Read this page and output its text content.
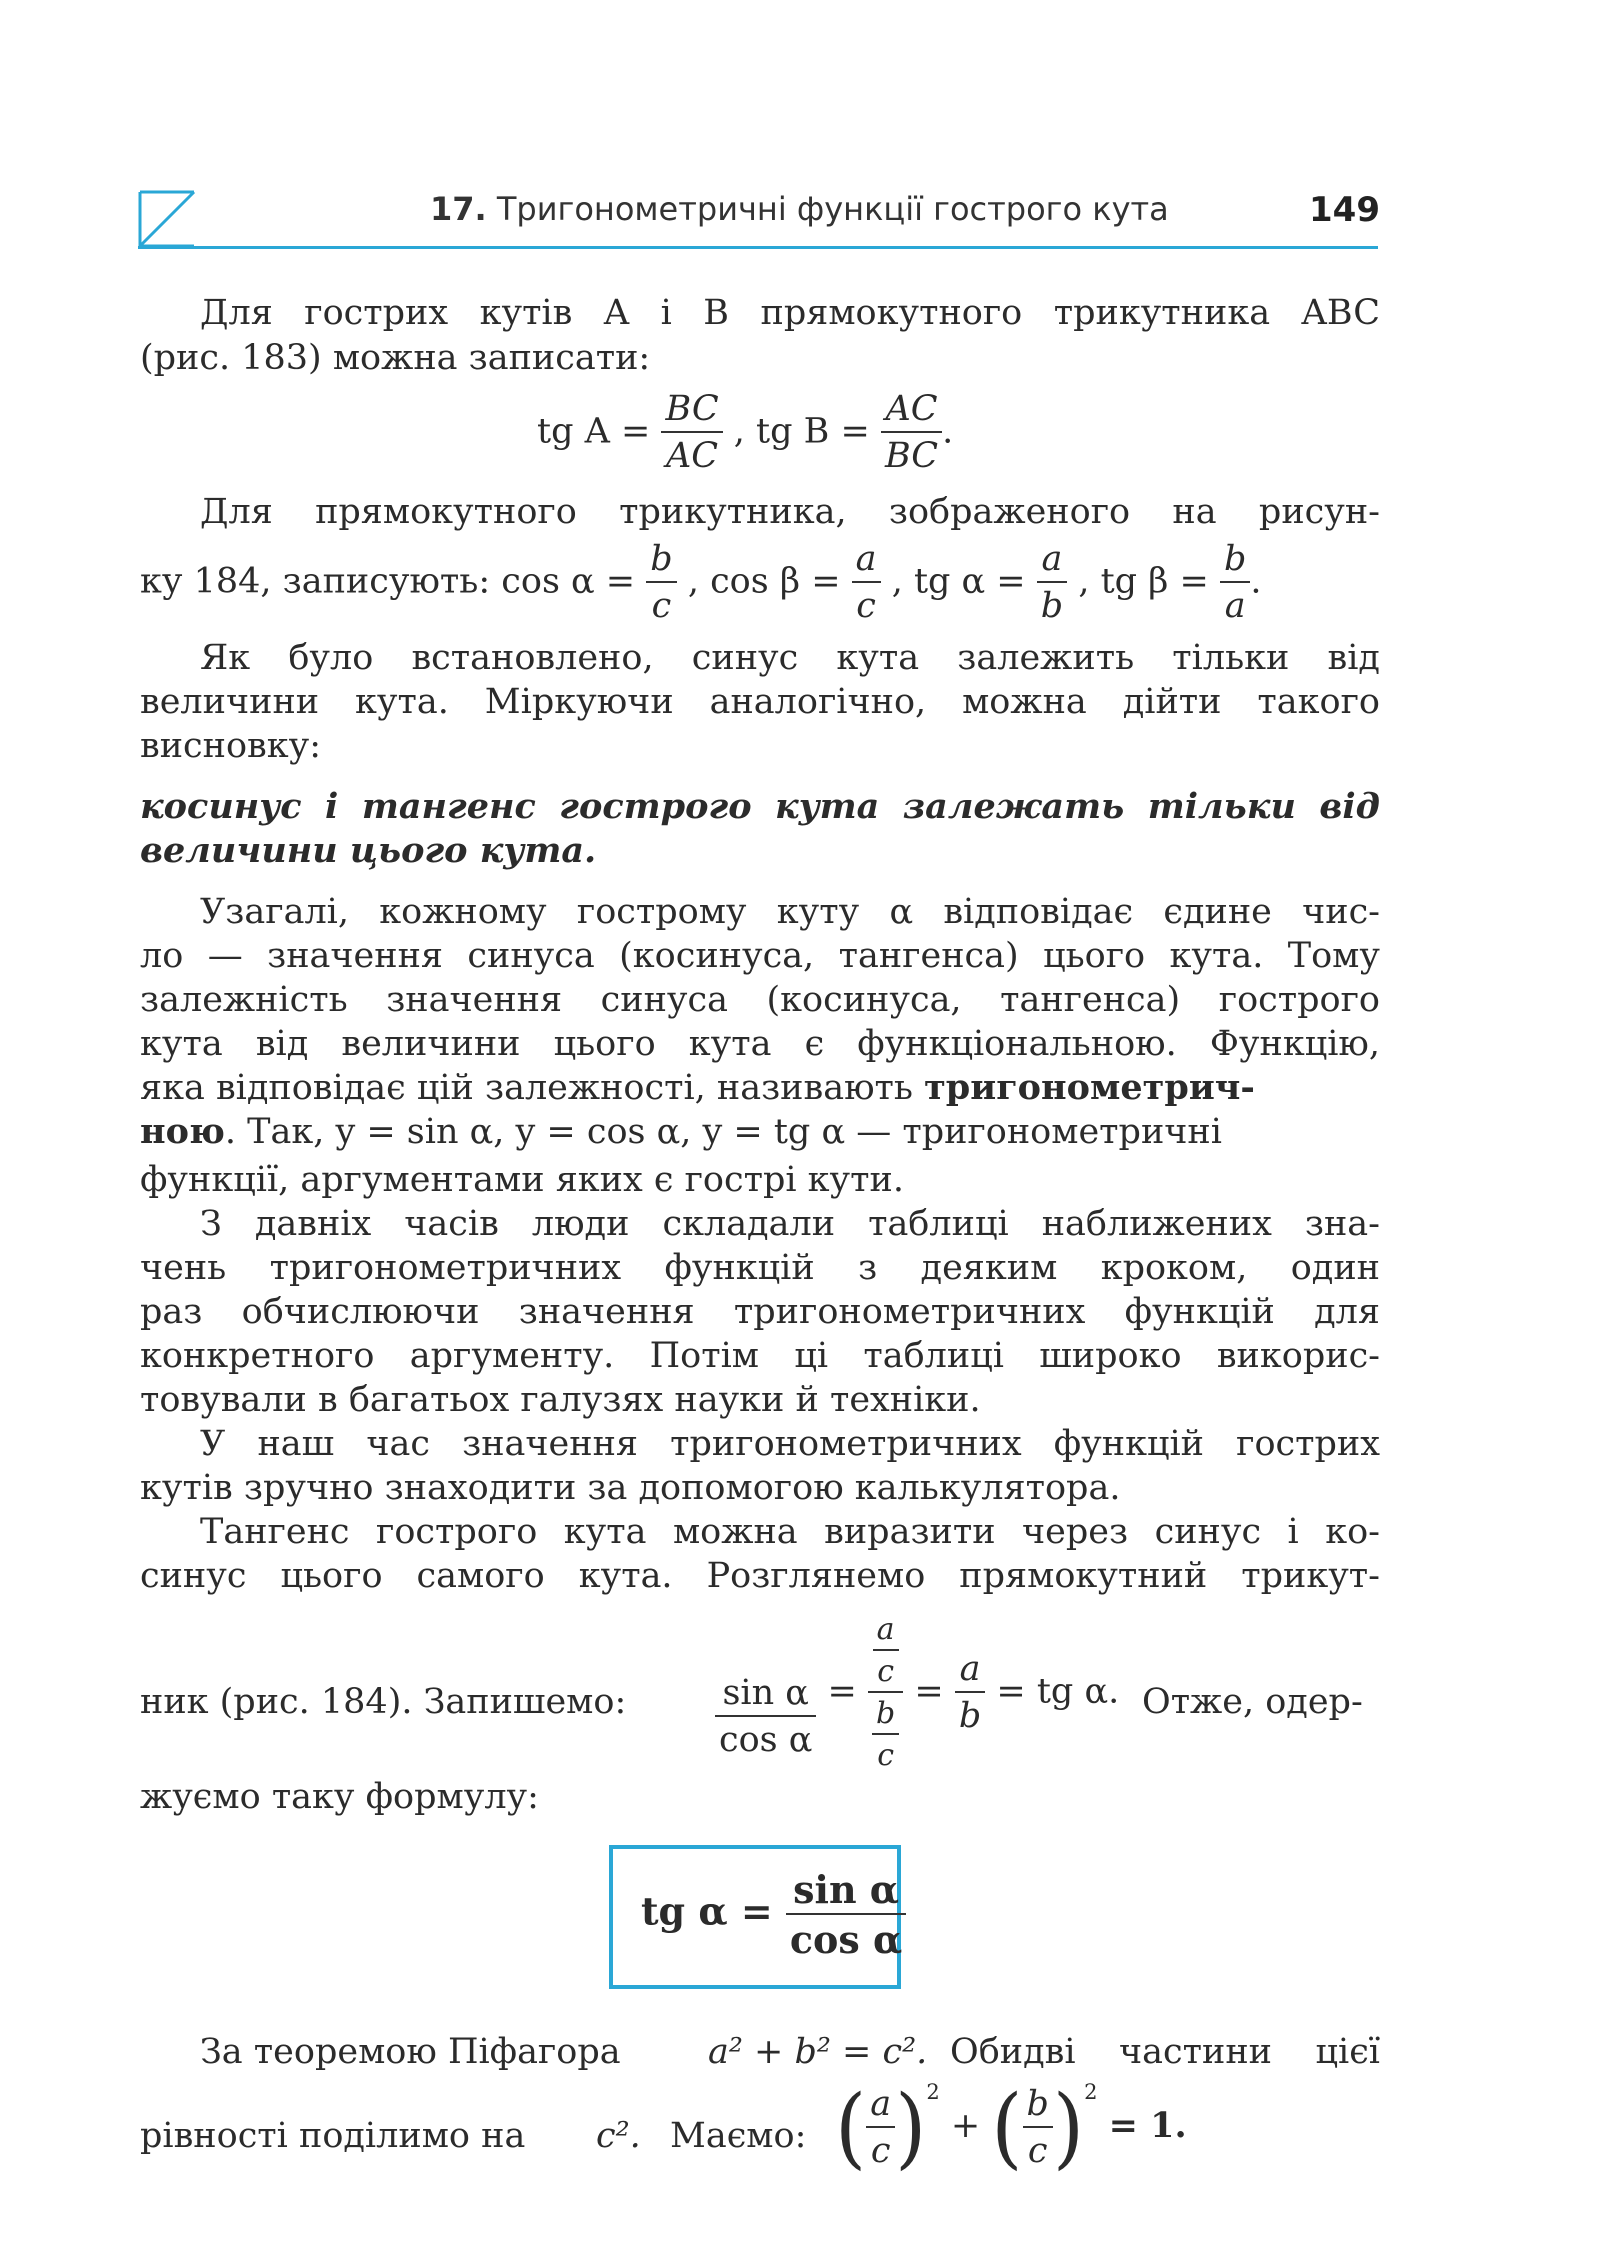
17. Тригонометричні функції гострого кута	149
Для гострих кутів A і B прямокутного трикутника ABC
(рис. 183) можна записати:
tg $A = \frac{BC}{AC}$ , tg $B = \frac{AC}{BC}$ .
Для прямокутного трикутника, зображеного на рисун-
ку 184, записують: $\cos \alpha = \frac{b}{c}$ , $\cos \beta = \frac{a}{c}$ , tg $\alpha = \frac{a}{b}$ , tg $\beta = \frac{b}{a}$ .
Як було встановлено, синус кута залежить тільки від
величини кута. Міркуючи аналогічно, можна дійти такого
висновку:
косинус і тангенс гострого кута залежать тільки від
величини цього кута.
Узагалі, кожному гострому куту α відповідає єдине чис-
ло — значення синуса (косинуса, тангенса) цього кута. Тому
залежність значення синуса (косинуса, тангенса) гострого
кута від величини цього кута є функціональною. Функцію,
яка відповідає цій залежності, називають тригонометрич-
ною. Так, y = sin α, y = cos α, y = tg α — тригонометричні
функції, аргументами яких є гострі кути.
З давніх часів люди складали таблиці наближених зна-
чень тригонометричних функцій з деяким кроком, один
раз обчислюючи значення тригонометричних функцій для
конкретного аргументу. Потім ці таблиці широко викорис-
товували в багатьох галузях науки й техніки.
У наш час значення тригонометричних функцій гострих
кутів зручно знаходити за допомогою калькулятора.
Тангенс гострого кута можна виразити через синус і ко-
синус цього самого кута. Розглянемо прямокутний трикут-
ник (рис. 184). Запишемо:	$\frac{\text{sin α}}{\text{cos α}} = \frac{\frac{a}{c}}{\frac{b}{c}} = \frac{a}{b}$ = tg α. Отже, одер-
жуємо таку формулу:
tg $\alpha = \frac{\text{sin α}}{\text{cos α}}$
За теоремою Піфагора a² + b² = c². Обидві частини цієї
рівності поділимо на c². Маємо: ( $\frac{a}{c} )^2$ + ( $\frac{b}{c} )^2 = 1$.
